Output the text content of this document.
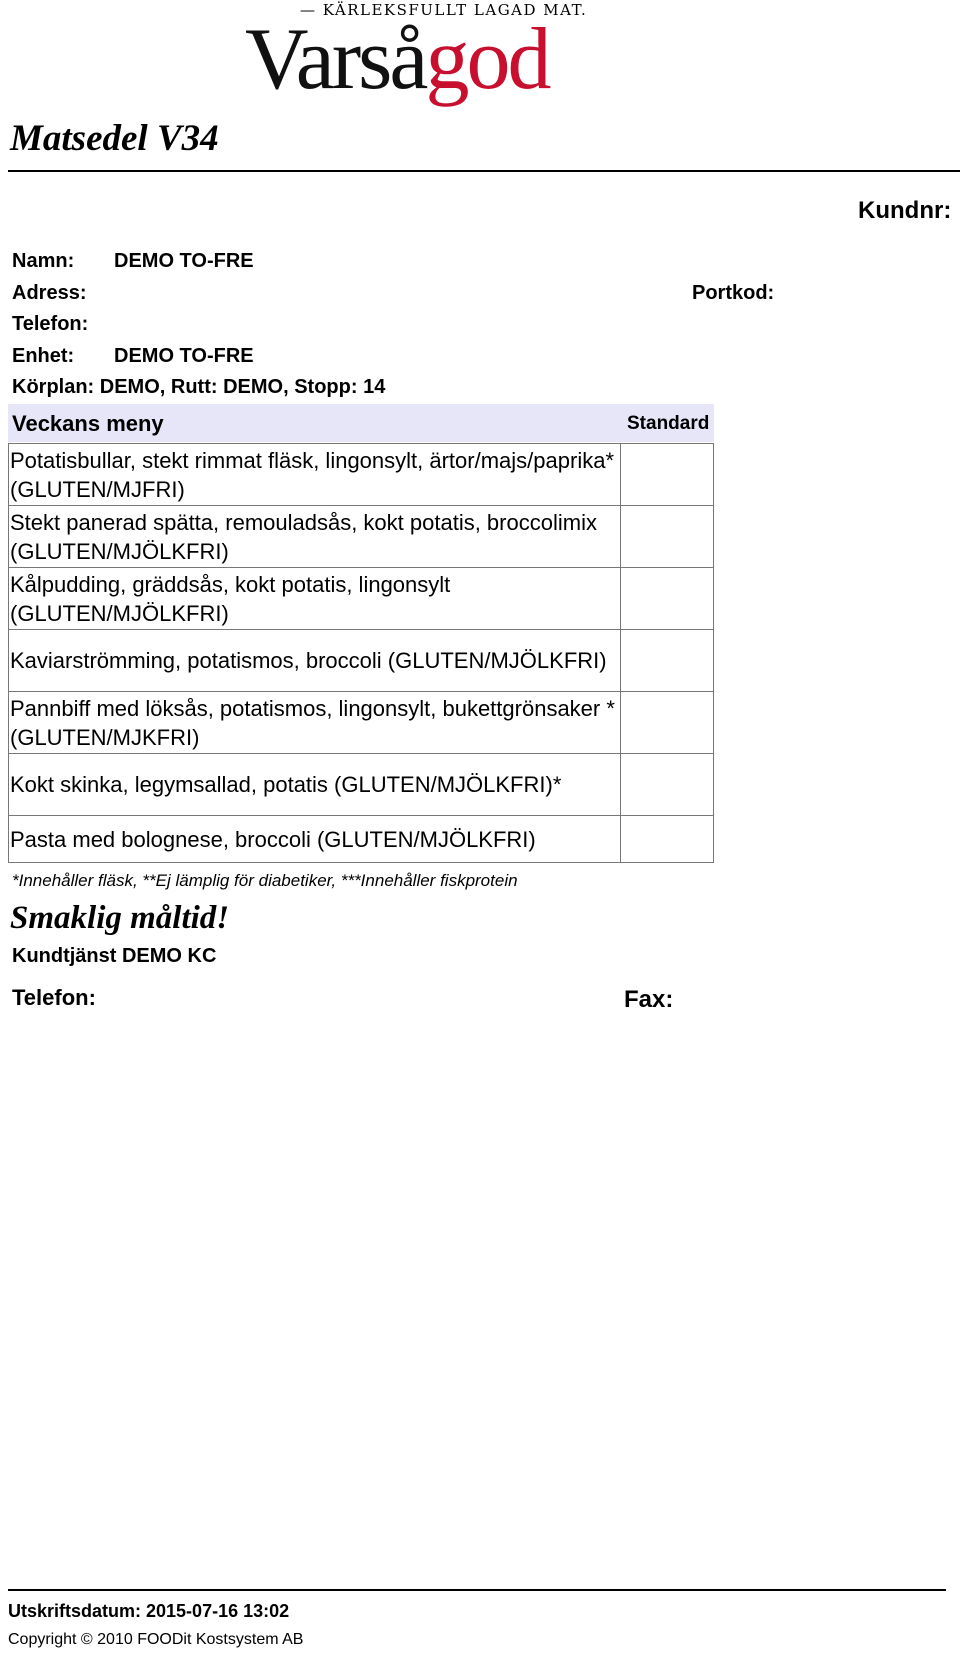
— KÄRLEKSFULLT LAGAD MAT.
Varsågod
Matsedel V34
Kundnr:
Namn: DEMO TO-FRE
Adress:	Portkod:
Telefon:
Enhet: DEMO TO-FRE
Körplan: DEMO, Rutt: DEMO, Stopp: 14
Veckans meny	Standard
Potatisbullar, stekt rimmat fläsk, lingonsylt, ärtor/majs/paprika*(GLUTEN/MJFRI)	
Stekt panerad spätta, remouladsås, kokt potatis, broccolimix (GLUTEN/MJÖLKFRI)	
Kålpudding, gräddsås, kokt potatis, lingonsylt (GLUTEN/MJÖLKFRI)	
Kaviarströmming, potatismos, broccoli (GLUTEN/MJÖLKFRI)	
Pannbiff med löksås, potatismos, lingonsylt, bukettgrönsaker *(GLUTEN/MJKFRI)	
Kokt skinka, legymsallad, potatis (GLUTEN/MJÖLKFRI)*	
Pasta med bolognese, broccoli (GLUTEN/MJÖLKFRI)	
*Innehåller fläsk, **Ej lämplig för diabetiker, ***Innehåller fiskprotein
Smaklig måltid!
Kundtjänst DEMO KC
Telefon:	Fax:
Utskriftsdatum: 2015-07-16 13:02
Copyright © 2010 FOODit Kostsystem AB
